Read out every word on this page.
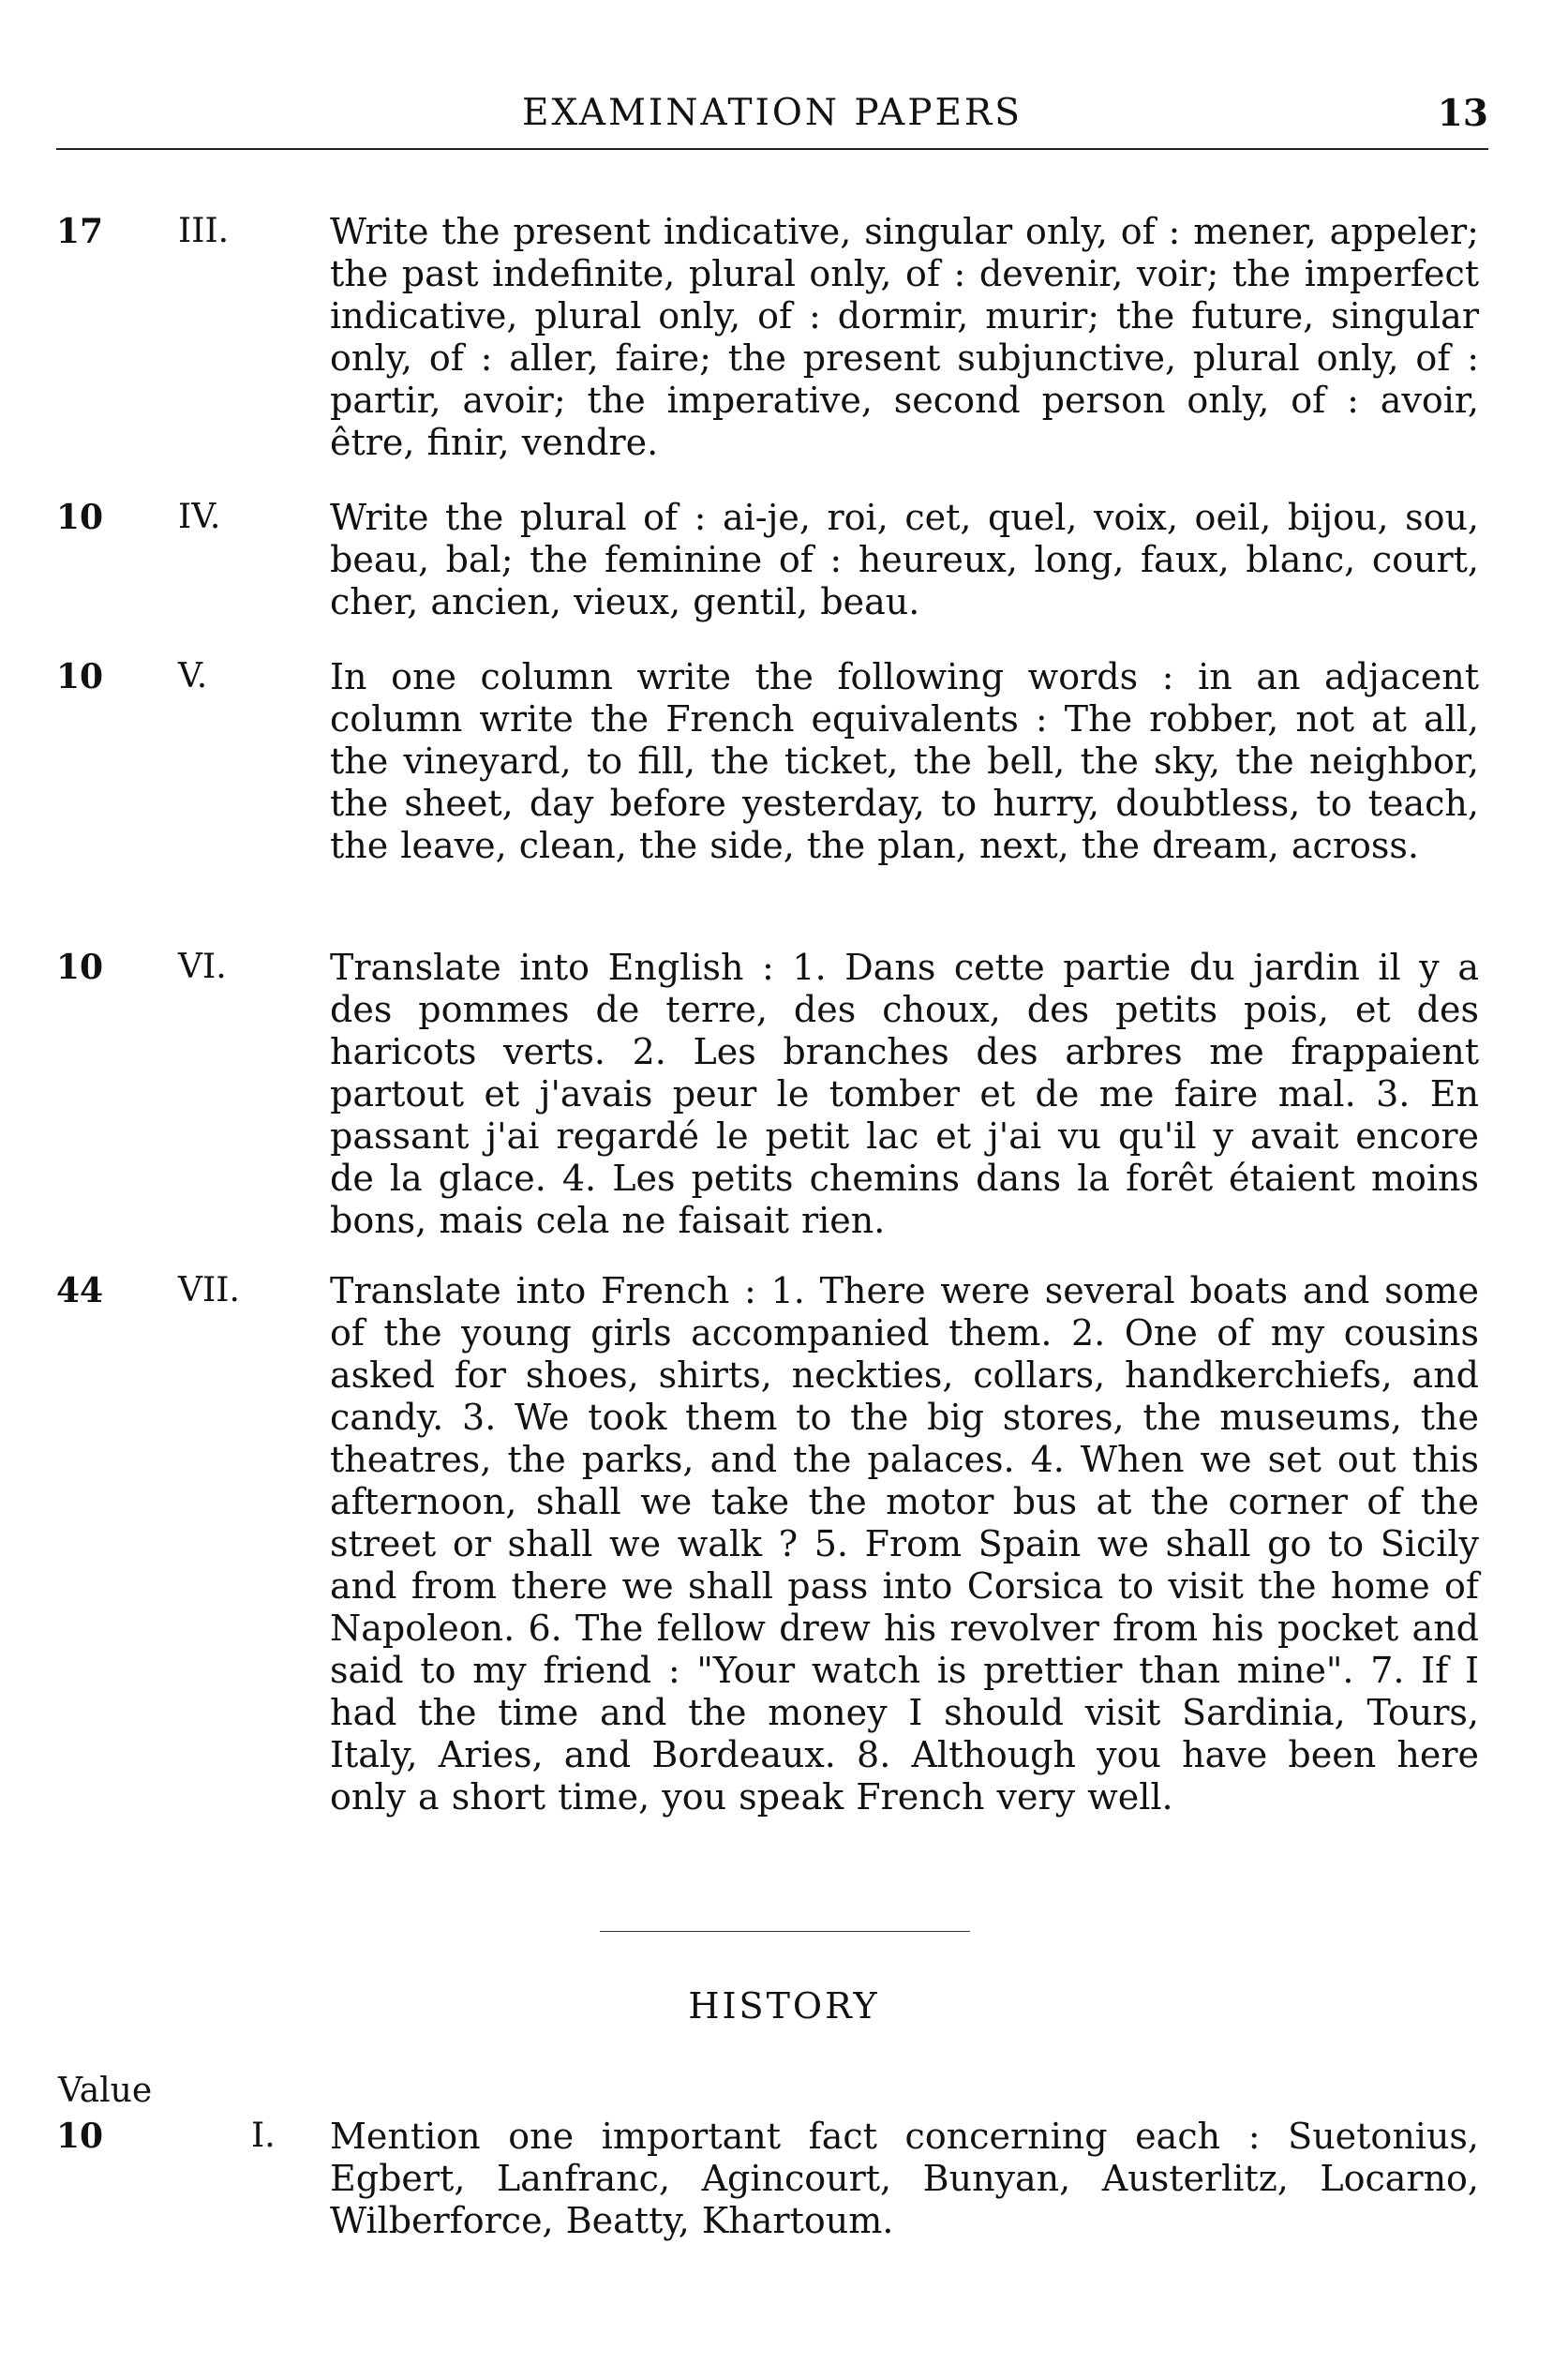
EXAMINATION PAPERS	13
17	III.	Write the present indicative, singular only, of : mener, appeler; the past indefinite, plural only, of : devenir, voir; the imperfect indicative, plural only, of : dormir, murir; the future, singular only, of : aller, faire; the present subjunctive, plural only, of : partir, avoir; the imperative, second person only, of : avoir, être, finir, vendre.
10	IV.	Write the plural of : ai-je, roi, cet, quel, voix, oeil, bijou, sou, beau, bal; the feminine of : heureux, long, faux, blanc, court, cher, ancien, vieux, gentil, beau.
10	V.	In one column write the following words : in an adjacent column write the French equivalents : The robber, not at all, the vineyard, to fill, the ticket, the bell, the sky, the neighbor, the sheet, day before yesterday, to hurry, doubtless, to teach, the leave, clean, the side, the plan, next, the dream, across.
10	VI.	Translate into English : 1. Dans cette partie du jardin il y a des pommes de terre, des choux, des petits pois, et des haricots verts. 2. Les branches des arbres me frappaient partout et j'avais peur le tomber et de me faire mal. 3. En passant j'ai regardé le petit lac et j'ai vu qu'il y avait encore de la glace. 4. Les petits chemins dans la forêt étaient moins bons, mais cela ne faisait rien.
44	VII.	Translate into French : 1. There were several boats and some of the young girls accompanied them. 2. One of my cousins asked for shoes, shirts, neckties, collars, handkerchiefs, and candy. 3. We took them to the big stores, the museums, the theatres, the parks, and the palaces. 4. When we set out this afternoon, shall we take the motor bus at the corner of the street or shall we walk ? 5. From Spain we shall go to Sicily and from there we shall pass into Corsica to visit the home of Napoleon. 6. The fellow drew his revolver from his pocket and said to my friend : "Your watch is prettier than mine". 7. If I had the time and the money I should visit Sardinia, Tours, Italy, Aries, and Bordeaux. 8. Although you have been here only a short time, you speak French very well.
HISTORY
Value
10	I.	Mention one important fact concerning each : Suetonius, Egbert, Lanfranc, Agincourt, Bunyan, Austerlitz, Locarno, Wilberforce, Beatty, Khartoum.
